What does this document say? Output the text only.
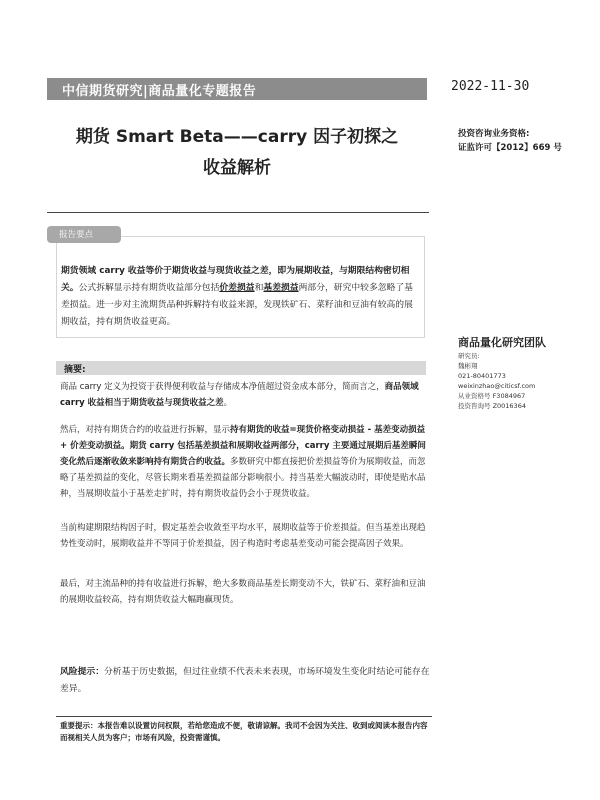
中信期货研究|商品量化专题报告	2022-11-30
期货 Smart Beta——carry 因子初探之
收益解析
投资咨询业务资格:
证监许可【2012】669 号
报告要点
期货领域 carry 收益等价于期货收益与现货收益之差，即为展期收益，与期限结构密切相关。公式拆解显示持有期货收益部分包括价差损益和基差损益两部分，研究中较多忽略了基差损益。进一步对主流期货品种拆解持有收益来源，发现铁矿石、菜籽油和豆油有较高的展期收益，持有期货收益更高。
商品量化研究团队
研究员:
魏彬翔
021-80401773
weixinzhao@citicsf.com
从业资格号 F3084967
投资咨询号 Z0016364
摘要:

商品 carry 定义为投资于获得便利收益与存储成本净值超过资金成本部分，简而言之，商品领域 carry 收益相当于期货收益与现货收益之差。

然后，对持有期货合约的收益进行拆解，显示持有期货的收益=现货价格变动损益 - 基差变动损益 + 价差变动损益。期货 carry 包括基差损益和展期收益两部分，carry 主要通过展期后基差瞬间变化然后逐渐收敛来影响持有期货合约收益。多数研究中都直接把价差损益等价为展期收益，而忽略了基差损益的变化，尽管长期来看基差损益部分影响很小。持当基差大幅波动时，即使是贴水品种，当展期收益小于基差走扩时，持有期货收益仍会小于现货收益。

当前构建期限结构因子时，假定基差会收敛至平均水平，展期收益等于价差损益。但当基差出现趋势性变动时，展期收益并不等同于价差损益，因子构造时考虑基差变动可能会提高因子效果。

最后，对主流品种的持有收益进行拆解，绝大多数商品基差长期变动不大，铁矿石、菜籽油和豆油的展期收益较高，持有期货收益大幅跑赢现货。

风险提示：分析基于历史数据，但过往业绩不代表未来表现，市场环境发生变化时结论可能存在差异。
重要提示：本报告难以设置访问权限，若给您造成不便，敬请谅解。我司不会因为关注、收到或阅读本报告内容而视相关人员为客户；市场有风险，投资需谨慎。
